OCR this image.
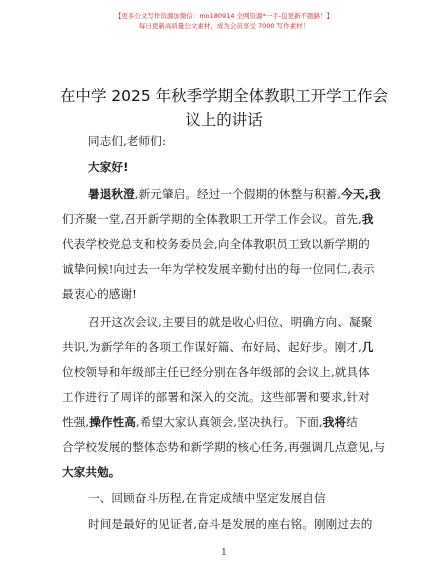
【更多公文写作资源加微信：mo180914 全网资源*一手-包更新不跑路！】
每日更新高质量公文素材，成为会员享受 7000 写作素材！
在中学 2025 年秋季学期全体教职工开学工作会
议上的讲话
同志们,老师们:
大家好!
暑退秋澄,新元肇启。经过一个假期的休整与积蓄,今天,我
们齐聚一堂,召开新学期的全体教职工开学工作会议。首先,我
代表学校党总支和校务委员会,向全体教职员工致以新学期的
诚挚问候!向过去一年为学校发展辛勤付出的每一位同仁,表示
最衷心的感谢!
召开这次会议,主要目的就是收心归位、明确方向、凝聚
共识,为新学年的各项工作谋好篇、布好局、起好步。刚才,几
位校领导和年级部主任已经分别在各年级部的会议上,就具体
工作进行了周详的部署和深入的交流。这些部署和要求,针对
性强,操作性高,希望大家认真领会,坚决执行。下面,我将结
合学校发展的整体态势和新学期的核心任务,再强调几点意见,与
大家共勉。
一、回顾奋斗历程,在肯定成绩中坚定发展自信
时间是最好的见证者,奋斗是发展的座右铭。刚刚过去的
1
